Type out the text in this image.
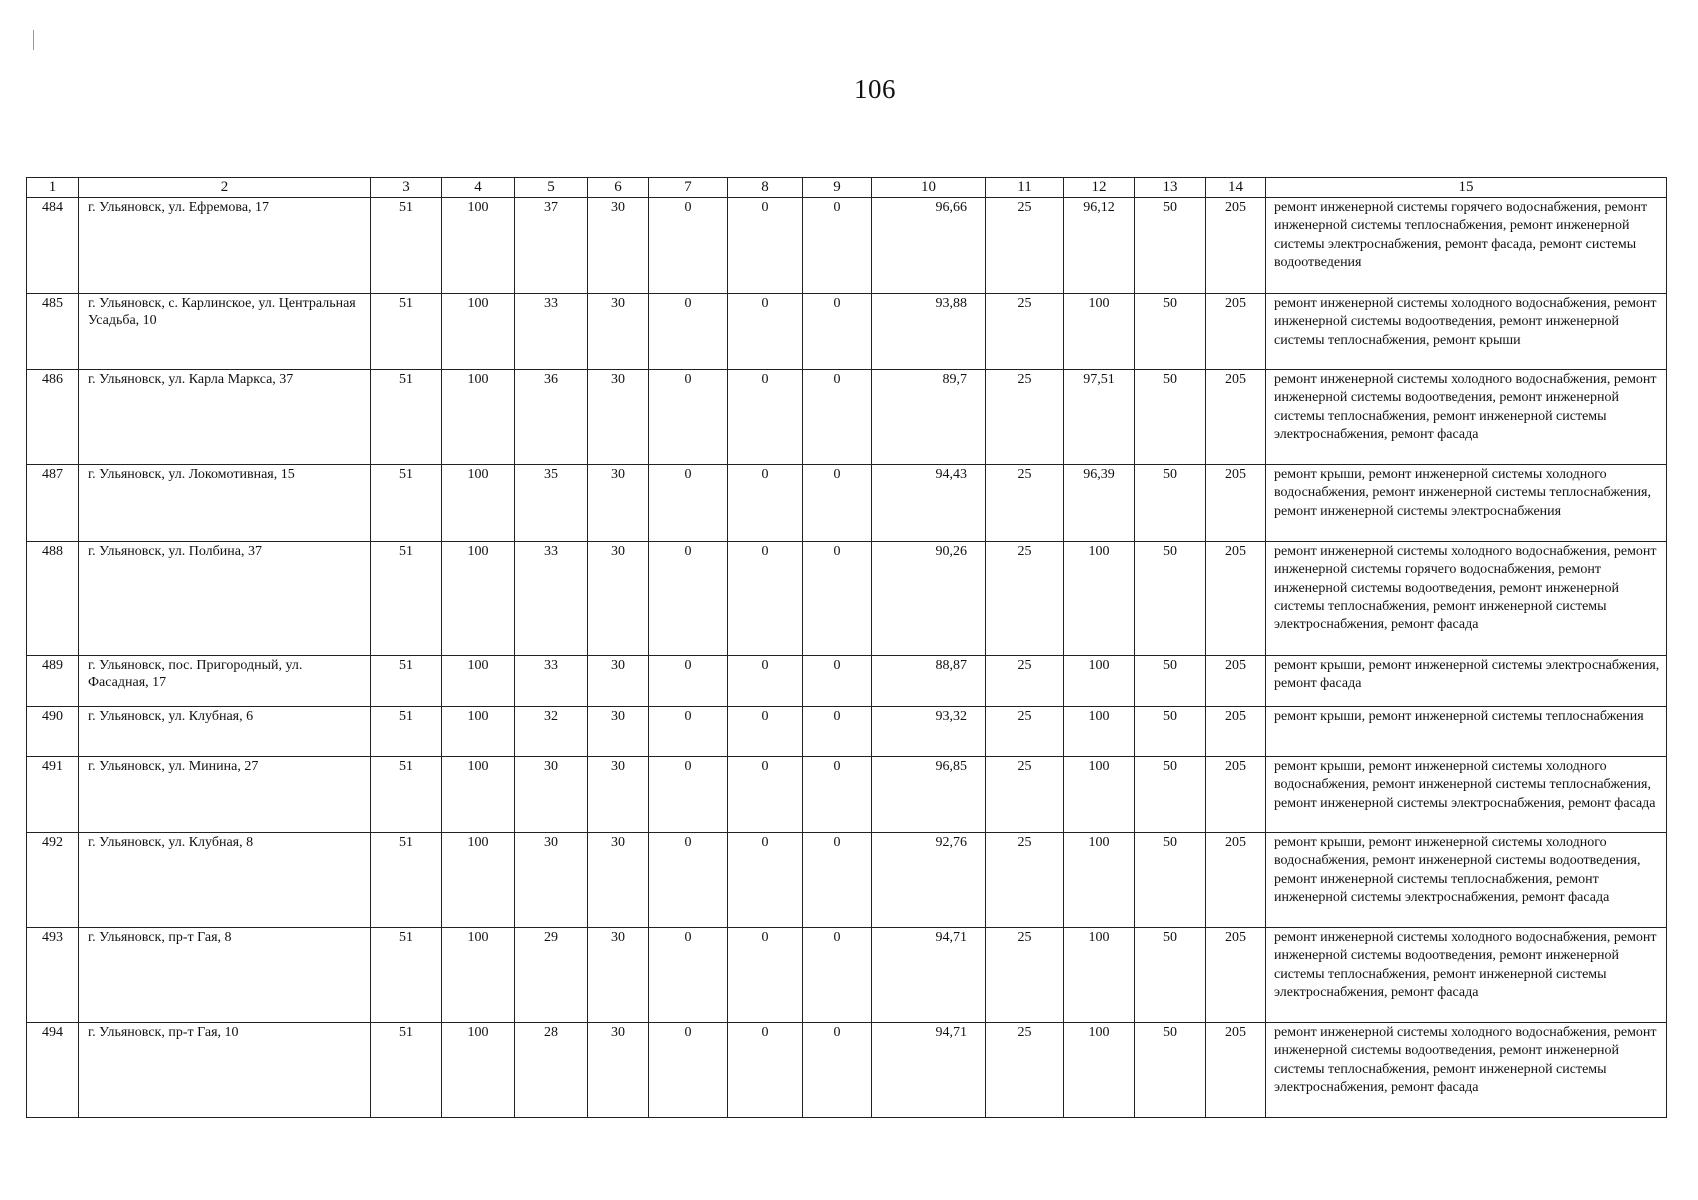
106
1	2	3	4	5	6	7	8	9	10	11	12	13	14	15
484	г. Ульяновск, ул. Ефремова, 17	51	100	37	30	0	0	0	96,66	25	96,12	50	205	ремонт инженерной системы горячего водоснабжения, ремонт инженерной системы теплоснабжения, ремонт инженерной системы электроснабжения, ремонт фасада, ремонт системы водоотведения
485	г. Ульяновск, с. Карлинское, ул. Центральная Усадьба, 10	51	100	33	30	0	0	0	93,88	25	100	50	205	ремонт инженерной системы холодного водоснабжения, ремонт инженерной системы водоотведения, ремонт инженерной системы теплоснабжения, ремонт крыши
486	г. Ульяновск, ул. Карла Маркса, 37	51	100	36	30	0	0	0	89,7	25	97,51	50	205	ремонт инженерной системы холодного водоснабжения, ремонт инженерной системы водоотведения, ремонт инженерной системы теплоснабжения, ремонт инженерной системы электроснабжения, ремонт фасада
487	г. Ульяновск, ул. Локомотивная, 15	51	100	35	30	0	0	0	94,43	25	96,39	50	205	ремонт крыши, ремонт инженерной системы холодного водоснабжения, ремонт инженерной системы теплоснабжения, ремонт инженерной системы электроснабжения
488	г. Ульяновск, ул. Полбина, 37	51	100	33	30	0	0	0	90,26	25	100	50	205	ремонт инженерной системы холодного водоснабжения, ремонт инженерной системы горячего водоснабжения, ремонт инженерной системы водоотведения, ремонт инженерной системы теплоснабжения, ремонт инженерной системы электроснабжения, ремонт фасада
489	г. Ульяновск, пос. Пригородный, ул. Фасадная, 17	51	100	33	30	0	0	0	88,87	25	100	50	205	ремонт крыши, ремонт инженерной системы электроснабжения, ремонт фасада
490	г. Ульяновск, ул. Клубная, 6	51	100	32	30	0	0	0	93,32	25	100	50	205	ремонт крыши, ремонт инженерной системы теплоснабжения
491	г. Ульяновск, ул. Минина, 27	51	100	30	30	0	0	0	96,85	25	100	50	205	ремонт крыши, ремонт инженерной системы холодного водоснабжения, ремонт инженерной системы теплоснабжения, ремонт инженерной системы электроснабжения, ремонт фасада
492	г. Ульяновск, ул. Клубная, 8	51	100	30	30	0	0	0	92,76	25	100	50	205	ремонт крыши, ремонт инженерной системы холодного водоснабжения, ремонт инженерной системы водоотведения, ремонт инженерной системы теплоснабжения, ремонт инженерной системы электроснабжения, ремонт фасада
493	г. Ульяновск, пр-т Гая, 8	51	100	29	30	0	0	0	94,71	25	100	50	205	ремонт инженерной системы холодного водоснабжения, ремонт инженерной системы водоотведения, ремонт инженерной системы теплоснабжения, ремонт инженерной системы электроснабжения, ремонт фасада
494	г. Ульяновск, пр-т Гая, 10	51	100	28	30	0	0	0	94,71	25	100	50	205	ремонт инженерной системы холодного водоснабжения, ремонт инженерной системы водоотведения, ремонт инженерной системы теплоснабжения, ремонт инженерной системы электроснабжения, ремонт фасада
